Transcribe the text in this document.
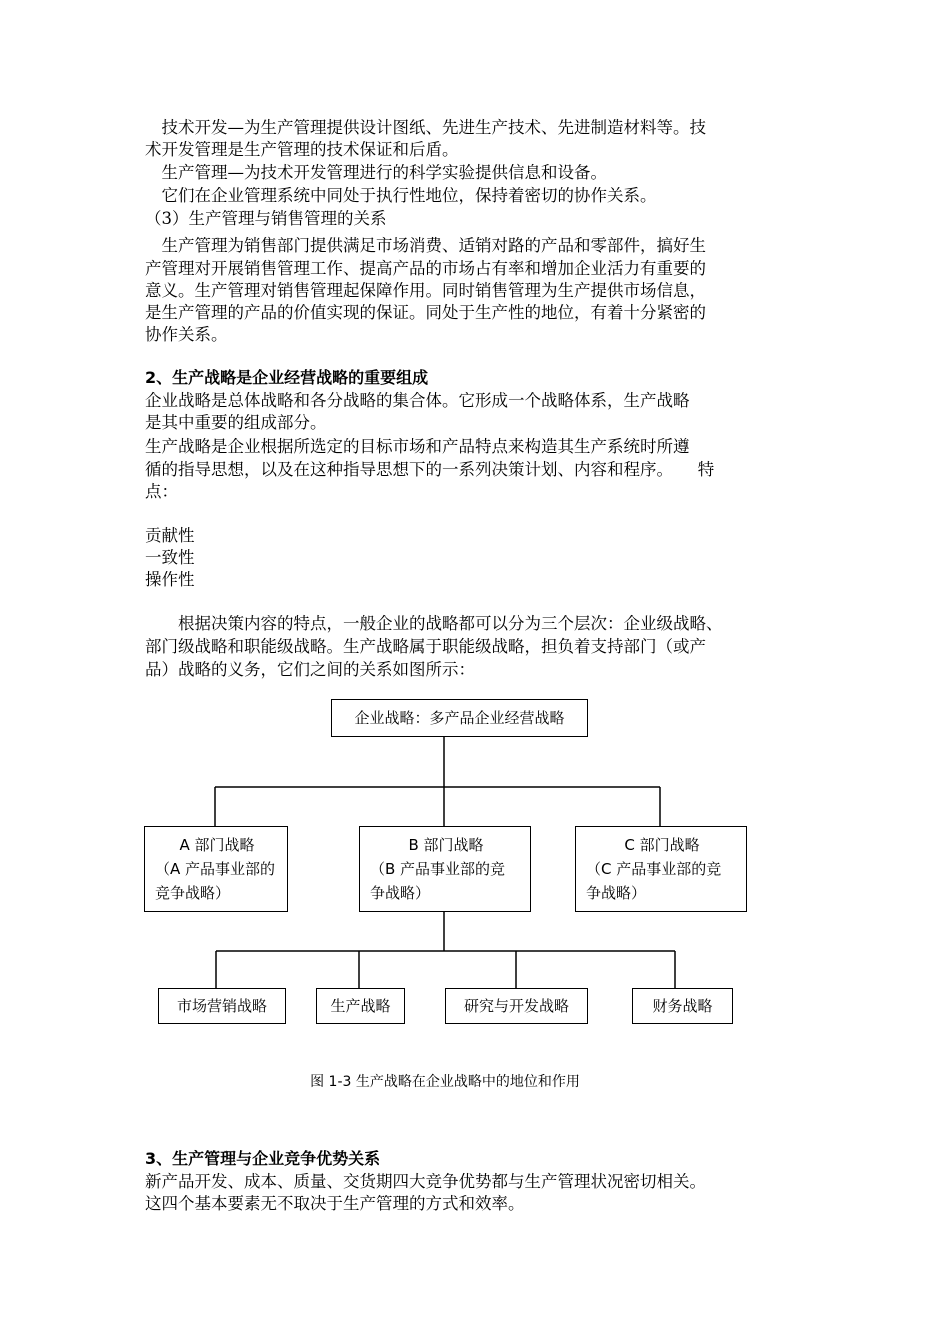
　技术开发—为生产管理提供设计图纸、先进生产技术、先进制造材料等。技
术开发管理是生产管理的技术保证和后盾。
　生产管理—为技术开发管理进行的科学实验提供信息和设备。
　它们在企业管理系统中同处于执行性地位，保持着密切的协作关系。
（3）生产管理与销售管理的关系
　生产管理为销售部门提供满足市场消费、适销对路的产品和零部件，搞好生
产管理对开展销售管理工作、提高产品的市场占有率和增加企业活力有重要的
意义。生产管理对销售管理起保障作用。同时销售管理为生产提供市场信息，
是生产管理的产品的价值实现的保证。同处于生产性的地位，有着十分紧密的
协作关系。
2、生产战略是企业经营战略的重要组成
企业战略是总体战略和各分战略的集合体。它形成一个战略体系，生产战略
是其中重要的组成部分。
生产战略是企业根据所选定的目标市场和产品特点来构造其生产系统时所遵
循的指导思想，以及在这种指导思想下的一系列决策计划、内容和程序。　　特
点：
贡献性
一致性
操作性
　　根据决策内容的特点，一般企业的战略都可以分为三个层次：企业级战略、
部门级战略和职能级战略。生产战略属于职能级战略，担负着支持部门（或产
品）战略的义务，它们之间的关系如图所示：
企业战略：多产品企业经营战略
A 部门战略
（A 产品事业部的
竞争战略）
B 部门战略
（B 产品事业部的竞
争战略）
C 部门战略
（C 产品事业部的竞
争战略）
市场营销战略	生产战略	研究与开发战略	财务战略
图 1-3 生产战略在企业战略中的地位和作用
3、生产管理与企业竞争优势关系
新产品开发、成本、质量、交货期四大竞争优势都与生产管理状况密切相关。
这四个基本要素无不取决于生产管理的方式和效率。
